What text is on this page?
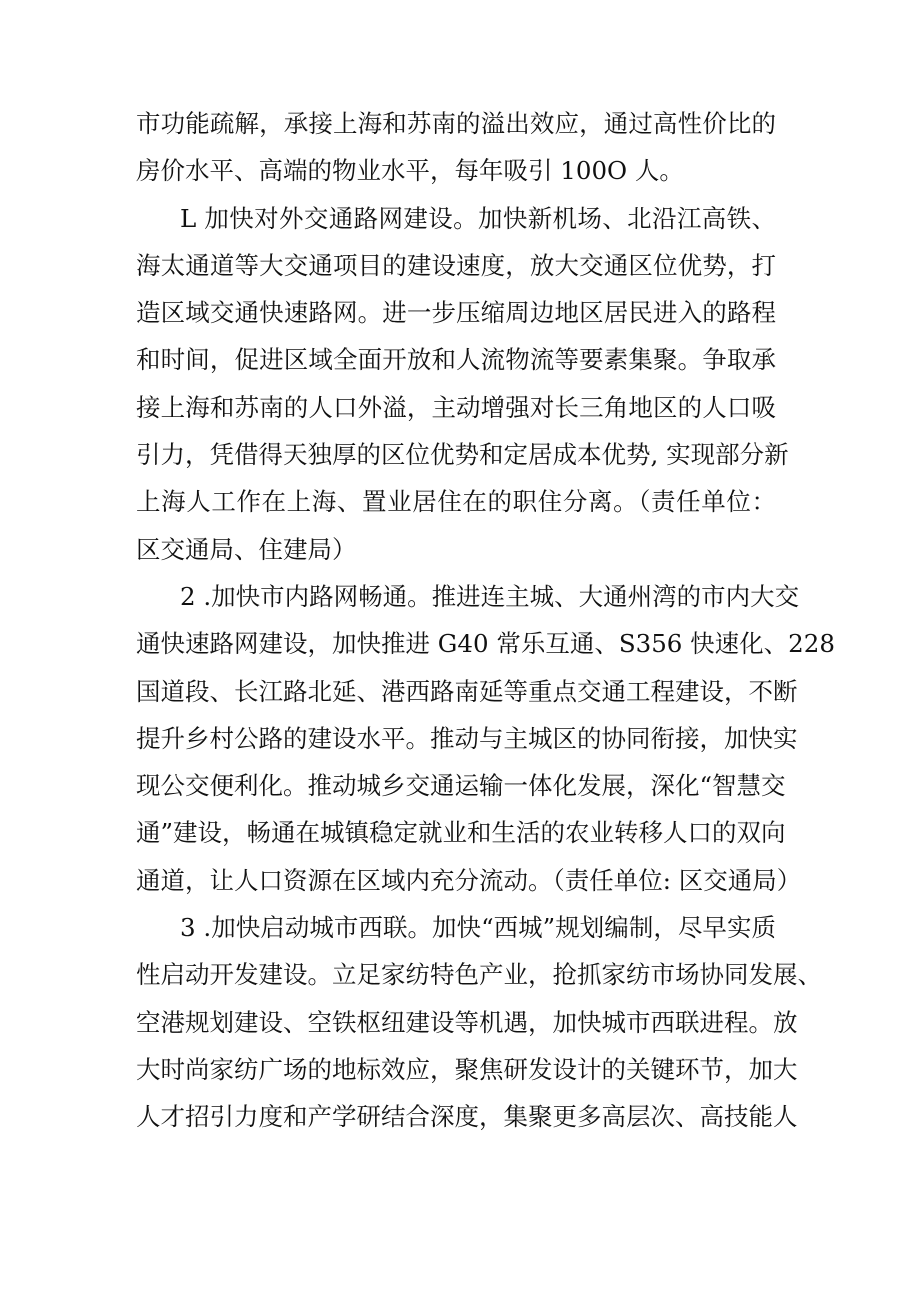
市功能疏解，承接上海和苏南的溢出效应，通过高性价比的
房价水平、高端的物业水平，每年吸引 100O 人。
L 加快对外交通路网建设。加快新机场、北沿江高铁、
海太通道等大交通项目的建设速度，放大交通区位优势，打
造区域交通快速路网。进一步压缩周边地区居民进入的路程
和时间，促进区域全面开放和人流物流等要素集聚。争取承
接上海和苏南的人口外溢，主动增强对长三角地区的人口吸
引力，凭借得天独厚的区位优势和定居成本优势, 实现部分新
上海人工作在上海、置业居住在的职住分离。（责任单位：
区交通局、住建局）
2 .加快市内路网畅通。推进连主城、大通州湾的市内大交
通快速路网建设，加快推进 G40 常乐互通、S356 快速化、228
国道段、长江路北延、港西路南延等重点交通工程建设，不断
提升乡村公路的建设水平。推动与主城区的协同衔接，加快实
现公交便利化。推动城乡交通运输一体化发展，深化“智慧交
通”建设，畅通在城镇稳定就业和生活的农业转移人口的双向
通道，让人口资源在区域内充分流动。（责任单位: 区交通局）
3 .加快启动城市西联。加快“西城”规划编制，尽早实质
性启动开发建设。立足家纺特色产业，抢抓家纺市场协同发展、
空港规划建设、空铁枢纽建设等机遇，加快城市西联进程。放
大时尚家纺广场的地标效应，聚焦研发设计的关键环节，加大
人才招引力度和产学研结合深度，集聚更多高层次、高技能人
